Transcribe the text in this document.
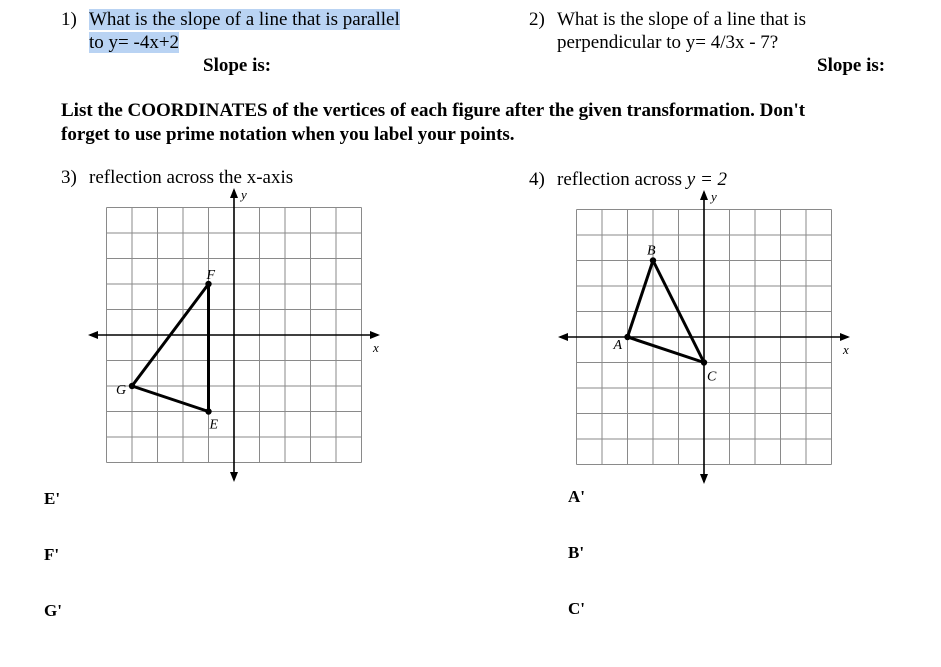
1) What is the slope of a line that is parallel
to y= -4x+2
Slope is:
2) What is the slope of a line that is
perpendicular to y= 4/3x - 7?
Slope is:
List the COORDINATES of the vertices of each figure after the given transformation. Don't
forget to use prime notation when you label your points.
3) reflection across the x-axis	4) reflection across y = 2
x
y
E
F
G
x
y
A
B
C
E'
F'
G'
A'
B'
C'
